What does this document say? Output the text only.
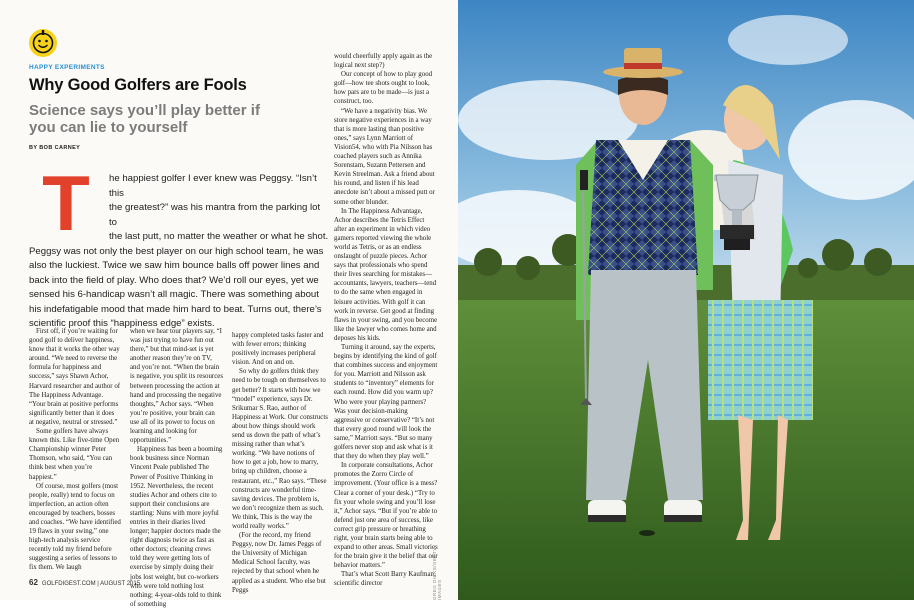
HAPPY EXPERIMENTS
Why Good Golfers are Fools
Science says you’ll play better if you can lie to yourself
BY BOB CARNEY
T	he happiest golfer I ever knew was Peggsy. “Isn’t this
the greatest?” was his mantra from the parking lot to
the last putt, no matter the weather or what he shot.
Peggsy was not only the best player on our high school team, he was also the luckiest. Twice we saw him bounce balls off power lines and back into the field of play. Who does that? We’d roll our eyes, yet we sensed his 6-handicap wasn’t all magic. There was something about his indefatigable mood that made him hard to beat. Turns out, there’s scientific proof this “happiness edge” exists.

First off, if you’re waiting for good golf to deliver happiness, know that it works the other way around. “We need to reverse the formula for happiness and success,” says Shawn Achor, Harvard researcher and author of The Happiness Advantage. “Your brain at positive performs significantly better than it does at negative, neutral or stressed.”

Some golfers have always known this. Like five-time Open Championship winner Peter Thomson, who said, “You can think best when you’re happiest.”

Of course, most golfers (most people, really) tend to focus on imperfection, an action often encouraged by teachers, bosses and coaches. “We have identified 19 flaws in your swing,” one high-tech analysis service recently told my friend before suggesting a series of lessons to fix them. We laugh

when we hear tour players say, “I was just trying to have fun out there,” but that mind-set is yet another reason they’re on TV, and you’re not. “When the brain is negative, you split its resources between processing the action at hand and processing the negative thoughts,” Achor says. “When you’re positive, your brain can use all of its power to focus on learning and looking for opportunities.”

Happiness has been a booming book business since Norman Vincent Peale published The Power of Positive Thinking in 1952. Nevertheless, the recent studies Achor and others cite to support their conclusions are startling: Nuns with more joyful entries in their diaries lived longer; happier doctors made the right diagnosis twice as fast as other doctors; cleaning crews told they were getting lots of exercise by simply doing their jobs lost weight, but co-workers who were told nothing lost nothing; 4-year-olds told to think of something

happy completed tasks faster and with fewer errors; thinking positively increases peripheral vision. And on and on.

So why do golfers think they need to be tough on themselves to get better? It starts with how we “model” experience, says Dr. Srikumar S. Rao, author of Happiness at Work. Our constructs about how things should work send us down the path of what’s missing rather than what’s working. “We have notions of how to get a job, how to marry, bring up children, choose a restaurant, etc.,” Rao says. “These constructs are wonderful time-saving devices. The problem is, we don’t recognize them as such. We think, This is the way the world really works.”

(For the record, my friend Peggsy, now Dr. James Peggs of the University of Michigan Medical School faculty, was rejected by that school when he applied as a student. Who else but Peggs

would cheerfully apply again as the logical next step?)

Our concept of how to play good golf—how tee shots ought to look, how pars are to be made—is just a construct, too.

“We have a negativity bias. We store negative experiences in a way that is more lasting than positive ones,” says Lynn Marriott of Vision54, who with Pia Nilsson has coached players such as Annika Sorenstam, Suzann Pettersen and Kevin Streelman. Ask a friend about his round, and listen if his lead anecdote isn’t about a missed putt or some other blunder.

In The Happiness Advantage, Achor describes the Tetris Effect after an experiment in which video gamers reported viewing the whole world as Tetris, or as an endless onslaught of puzzle pieces. Achor says that professionals who spend their lives searching for mistakes—accountants, lawyers, teachers—tend to do the same when engaged in leisure activities. With golf it can work in reverse. Get good at finding flaws in your swing, and you become like the lawyer who comes home and deposes his kids.

Turning it around, say the experts, begins by identifying the kind of golf that combines success and enjoyment for you. Marriott and Nilsson ask students to “inventory” elements for each round. How did you warm up? Who were your playing partners? Was your decision-making aggressive or conservative? “It’s not that every good round will look the same,” Marriott says. “But so many golfers never stop and ask what is it that they do when they play well.”

In corporate consultations, Achor promotes the Zorro Circle of improvement. (Your office is a mess? Clear a corner of your desk.) “Try to fix your whole swing and you’ll lose it,” Achor says. “But if you’re able to defend just one area of success, like correct grip pressure or breathing right, your brain starts being able to expand to other areas. Small victories for the brain give it the belief that our behavior matters.”

That’s what Scott Barry Kaufman, scientific director

62 GOLFDIGEST.COM | AUGUST 2015	GREG DICKS/GETTY IMAGES
